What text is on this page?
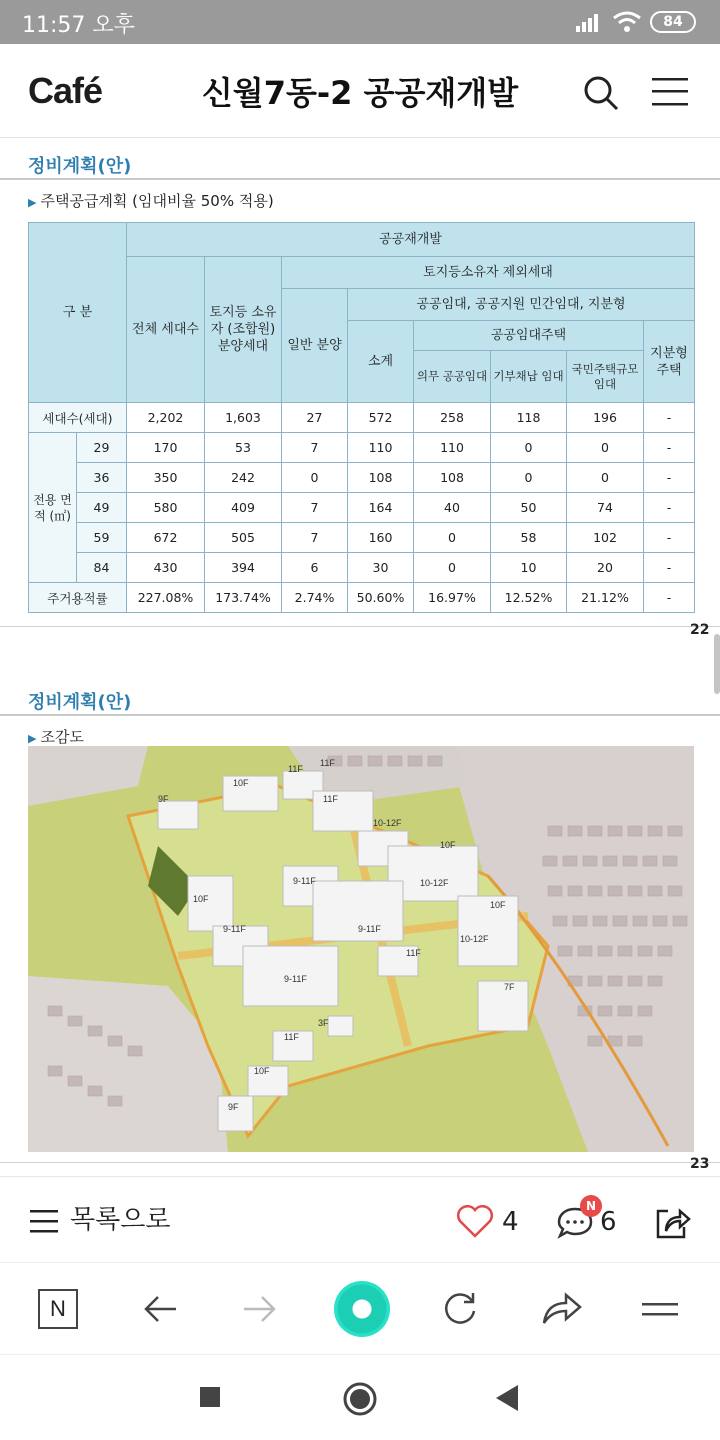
11:57 오후	84
Café	신월7동-2 공공재개발
정비계획(안)
▶ 주택공급계획 (임대비율 50% 적용)
구 분		공공재개발							
		전체 세대수	토지등 소유자 (조합원) 분양세대	토지등소유자 제외세대					
				일반 분양	공공임대, 공공지원 민간임대, 지분형				
					소계	공공임대주택			지분형 주택
						의무 공공임대	기부채납 임대	국민주택규모 임대	
세대수(세대)		2,202	1,603	27	572	258	118	196	-
전용 면적 (㎡)	29	170	53	7	110	110	0	0	-
	36	350	242	0	108	108	0	0	-
	49	580	409	7	164	40	50	74	-
	59	672	505	7	160	0	58	102	-
	84	430	394	6	30	0	10	20	-
주거용적률		227.08%	173.74%	2.74%	50.60%	16.97%	12.52%	21.12%	-
22
정비계획(안)
▶ 조감도
9F
10F
11F
11F
11F
10-12F
10F
10-12F
9-11F
10F
9-11F	9-11F
10F
10-12F
11F
9-11F
7F
3F
11F
10F
9F
23
목록으로	4
N
6
N
